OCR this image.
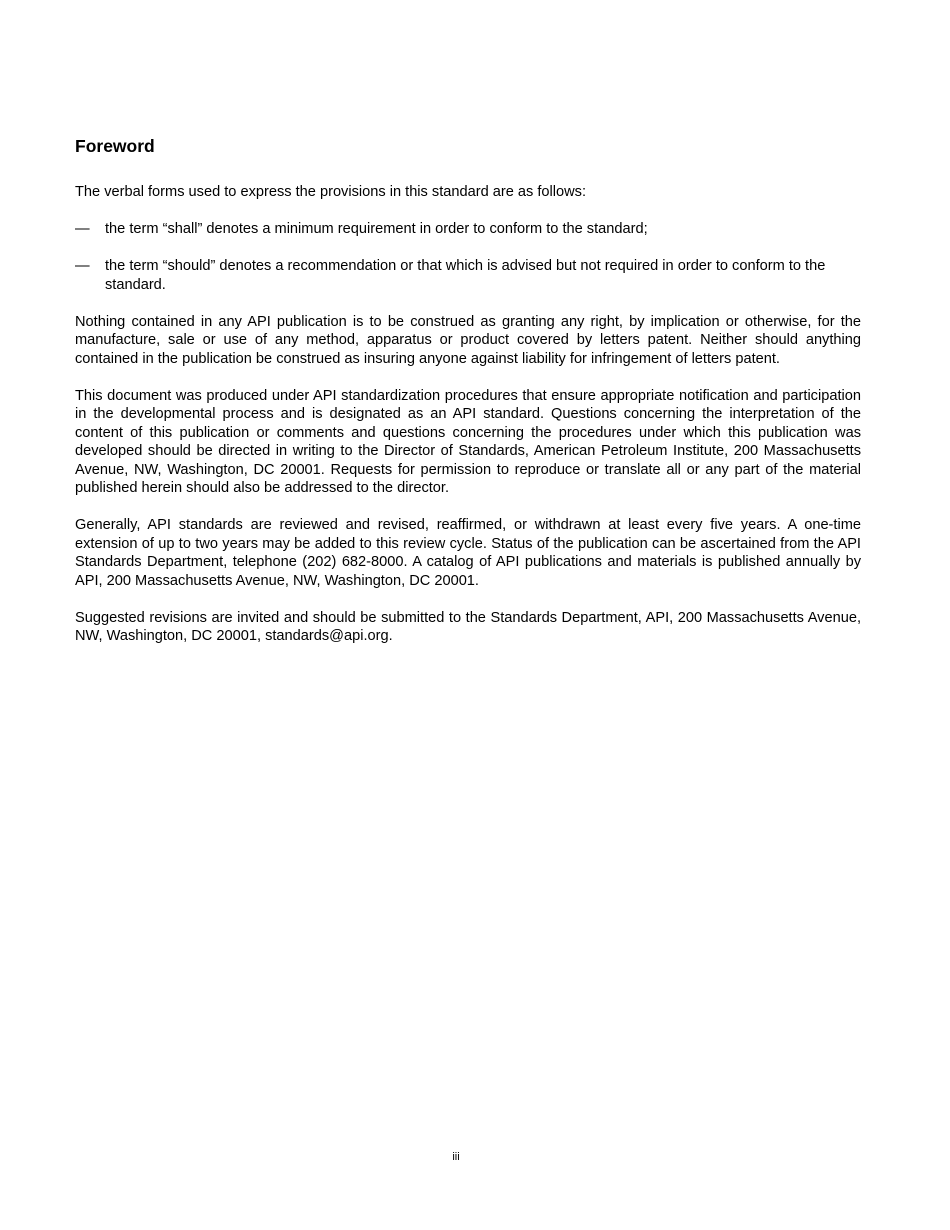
Foreword

The verbal forms used to express the provisions in this standard are as follows:

— the term “shall” denotes a minimum requirement in order to conform to the standard;
— the term “should” denotes a recommendation or that which is advised but not required in order to conform to the standard.

Nothing contained in any API publication is to be construed as granting any right, by implication or otherwise, for the manufacture, sale or use of any method, apparatus or product covered by letters patent. Neither should anything contained in the publication be construed as insuring anyone against liability for infringement of letters patent.

This document was produced under API standardization procedures that ensure appropriate notification and participation in the developmental process and is designated as an API standard. Questions concerning the interpretation of the content of this publication or comments and questions concerning the procedures under which this publication was developed should be directed in writing to the Director of Standards, American Petroleum Institute, 200 Massachusetts Avenue, NW, Washington, DC 20001. Requests for permission to reproduce or translate all or any part of the material published herein should also be addressed to the director.

Generally, API standards are reviewed and revised, reaffirmed, or withdrawn at least every five years. A one-time extension of up to two years may be added to this review cycle. Status of the publication can be ascertained from the API Standards Department, telephone (202) 682-8000. A catalog of API publications and materials is published annually by API, 200 Massachusetts Avenue, NW, Washington, DC 20001.

Suggested revisions are invited and should be submitted to the Standards Department, API, 200 Massachusetts Avenue, NW, Washington, DC 20001, standards@api.org.

iii
